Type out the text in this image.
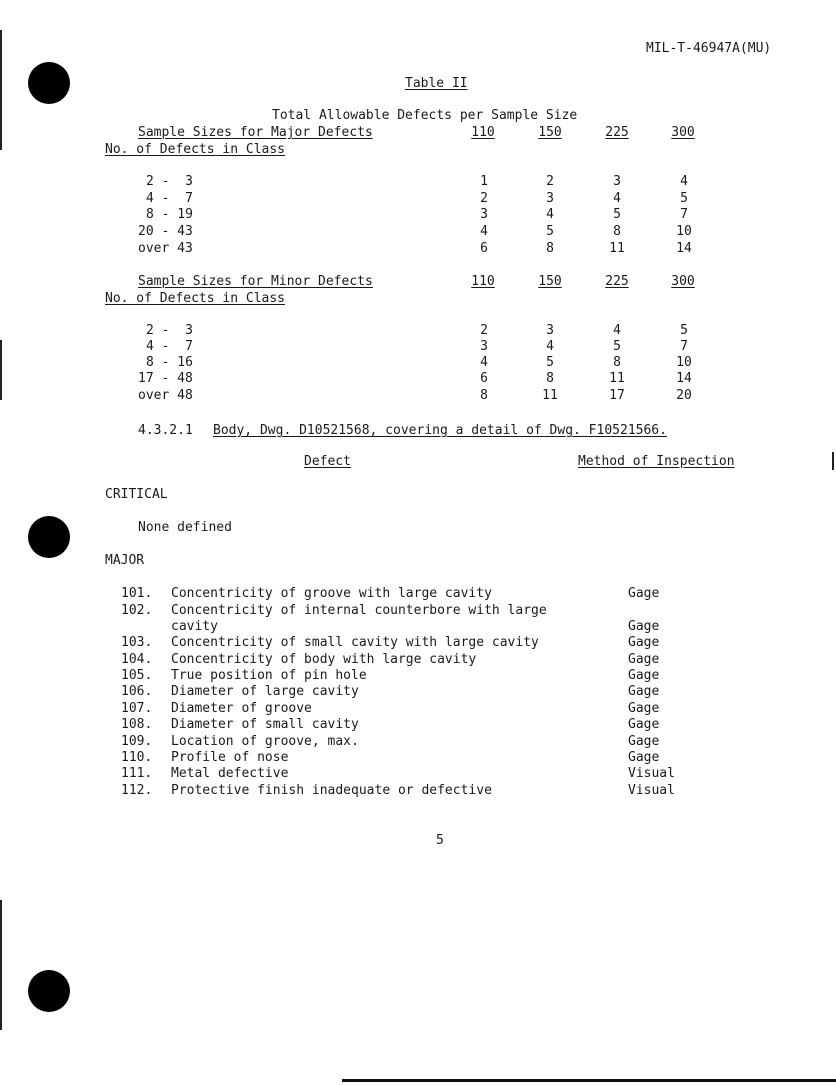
MIL-T-46947A(MU)
Table II
Total Allowable Defects per Sample Size
Sample Sizes for Major Defects
No. of Defects in Class
110	150	225	300
2 -  3	1	2	3	4
4 -  7	2	3	4	5
8 - 19	3	4	5	7
20 - 43	4	5	8	10
over 43	6	8	11	14
Sample Sizes for Minor Defects
No. of Defects in Class
110	150	225	300
2 -  3	2	3	4	5
4 -  7	3	4	5	7
8 - 16	4	5	8	10
17 - 48	6	8	11	14
over 48	8	11	17	20
4.3.2.1 Body, Dwg. D10521568, covering a detail of Dwg. F10521566.
Defect	Method of Inspection
CRITICAL
None defined
MAJOR
101. Concentricity of groove with large cavity	Gage
102. Concentricity of internal counterbore with large
cavity	Gage
103. Concentricity of small cavity with large cavity	Gage
104. Concentricity of body with large cavity	Gage
105. True position of pin hole	Gage
106. Diameter of large cavity	Gage
107. Diameter of groove	Gage
108. Diameter of small cavity	Gage
109. Location of groove, max.	Gage
110. Profile of nose	Gage
111. Metal defective	Visual
112. Protective finish inadequate or defective	Visual
5
